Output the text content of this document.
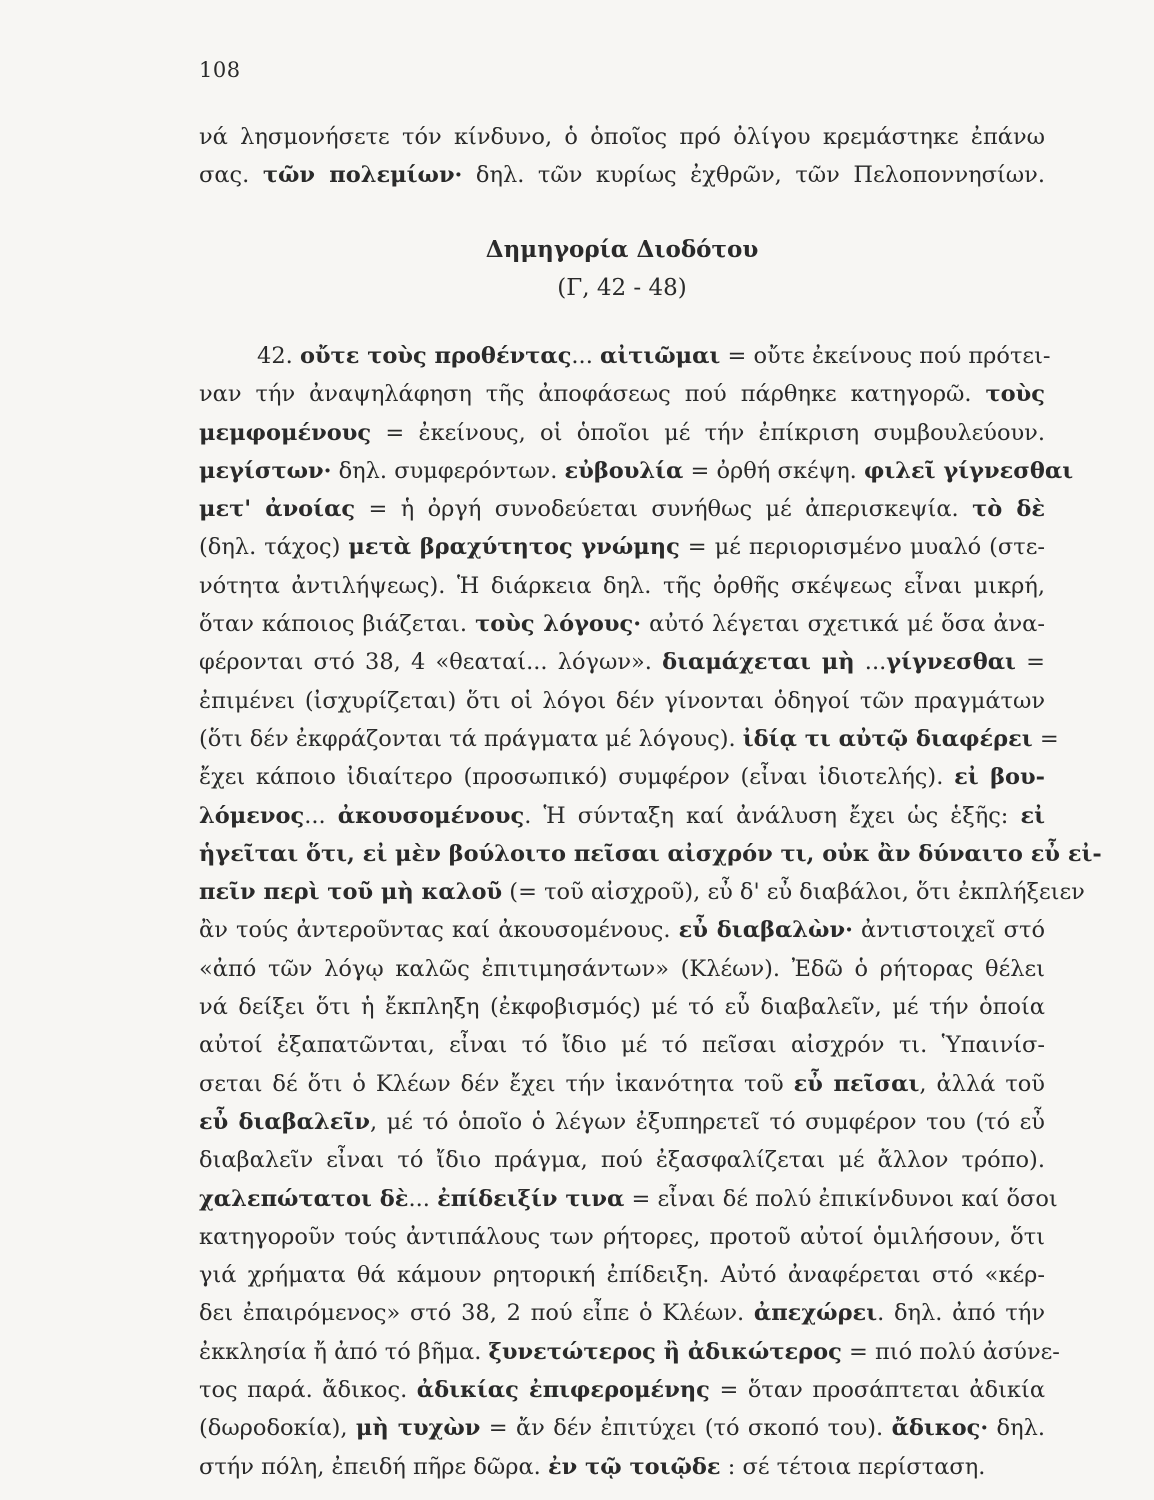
108
νά λησμονήσετε τόν κίνδυνο, ὁ ὁποῖος πρό ὀλίγου κρεμάστηκε ἐπάνω
σας. τῶν πολεμίων· δηλ. τῶν κυρίως ἐχθρῶν, τῶν Πελοποννησίων.
Δημηγορία Διοδότου
(Γ, 42 - 48)
42. οὔτε τοὺς προθέντας... αἰτιῶμαι = οὔτε ἐκείνους πού πρότει-
ναν τήν ἀναψηλάφηση τῆς ἀποφάσεως πού πάρθηκε κατηγορῶ. τοὺς
μεμφομένους = ἐκείνους, οἱ ὁποῖοι μέ τήν ἐπίκριση συμβουλεύουν.
μεγίστων· δηλ. συμφερόντων. εὐβουλία = ὀρθή σκέψη. φιλεῖ γίγνεσθαι
μετ' ἀνοίας = ἡ ὀργή συνοδεύεται συνήθως μέ ἀπερισκεψία. τὸ δὲ
(δηλ. τάχος) μετὰ βραχύτητος γνώμης = μέ περιορισμένο μυαλό (στε-
νότητα ἀντιλήψεως). Ἡ διάρκεια δηλ. τῆς ὀρθῆς σκέψεως εἶναι μικρή,
ὅταν κάποιος βιάζεται. τοὺς λόγους· αὐτό λέγεται σχετικά μέ ὅσα ἀνα-
φέρονται στό 38, 4 «θεαταί... λόγων». διαμάχεται μὴ ...γίγνεσθαι =
ἐπιμένει (ἰσχυρίζεται) ὅτι οἱ λόγοι δέν γίνονται ὁδηγοί τῶν πραγμάτων
(ὅτι δέν ἐκφράζονται τά πράγματα μέ λόγους). ἰδίᾳ τι αὐτῷ διαφέρει =
ἔχει κάποιο ἰδιαίτερο (προσωπικό) συμφέρον (εἶναι ἰδιοτελής). εἰ βου-
λόμενος... ἀκουσομένους. Ἡ σύνταξη καί ἀνάλυση ἔχει ὡς ἑξῆς: εἰ
ἡγεῖται ὅτι, εἰ μὲν βούλοιτο πεῖσαι αἰσχρόν τι, οὐκ ἂν δύναιτο εὖ εἰ-
πεῖν περὶ τοῦ μὴ καλοῦ (= τοῦ αἰσχροῦ), εὖ δ' εὖ διαβάλοι, ὅτι ἐκπλήξειεν
ἂν τούς ἀντεροῦντας καί ἀκουσομένους. εὖ διαβαλὼν· ἀντιστοιχεῖ στό
«ἀπό τῶν λόγῳ καλῶς ἐπιτιμησάντων» (Κλέων). Ἐδῶ ὁ ρήτορας θέλει
νά δείξει ὅτι ἡ ἔκπληξη (ἐκφοβισμός) μέ τό εὖ διαβαλεῖν, μέ τήν ὁποία
αὐτοί ἐξαπατῶνται, εἶναι τό ἴδιο μέ τό πεῖσαι αἰσχρόν τι. Ὑπαινίσ-
σεται δέ ὅτι ὁ Κλέων δέν ἔχει τήν ἱκανότητα τοῦ εὖ πεῖσαι, ἀλλά τοῦ
εὖ διαβαλεῖν, μέ τό ὁποῖο ὁ λέγων ἐξυπηρετεῖ τό συμφέρον του (τό εὖ
διαβαλεῖν εἶναι τό ἴδιο πράγμα, πού ἐξασφαλίζεται μέ ἄλλον τρόπο).
χαλεπώτατοι δὲ... ἐπίδειξίν τινα = εἶναι δέ πολύ ἐπικίνδυνοι καί ὅσοι
κατηγοροῦν τούς ἀντιπάλους των ρήτορες, προτοῦ αὐτοί ὁμιλήσουν, ὅτι
γιά χρήματα θά κάμουν ρητορική ἐπίδειξη. Αὐτό ἀναφέρεται στό «κέρ-
δει ἐπαιρόμενος» στό 38, 2 πού εἶπε ὁ Κλέων. ἀπεχώρει. δηλ. ἀπό τήν
ἐκκλησία ἤ ἀπό τό βῆμα. ξυνετώτερος ἢ ἀδικώτερος = πιό πολύ ἀσύνε-
τος παρά. ἄδικος. ἀδικίας ἐπιφερομένης = ὅταν προσάπτεται ἀδικία
(δωροδοκία), μὴ τυχὼν = ἄν δέν ἐπιτύχει (τό σκοπό του). ἄδικος· δηλ.
στήν πόλη, ἐπειδή πῆρε δῶρα. ἐν τῷ τοιῷδε : σέ τέτοια περίσταση.
